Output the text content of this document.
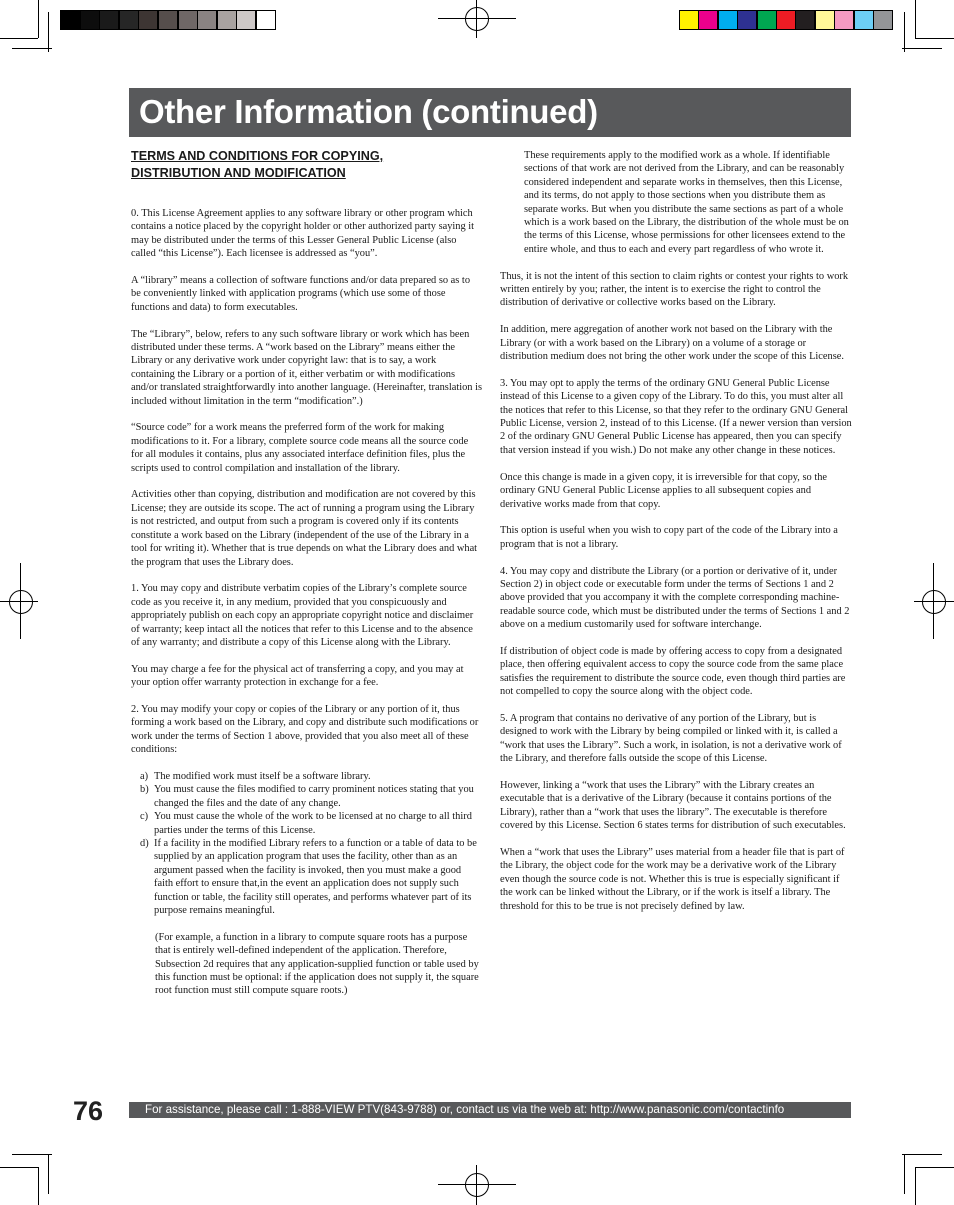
Other Information (continued)
TERMS AND CONDITIONS FOR COPYING,
DISTRIBUTION AND MODIFICATION

0. This License Agreement applies to any software library or other program which contains a notice placed by the copyright holder or other authorized party saying it may be distributed under the terms of this Lesser General Public License (also called “this License”). Each licensee is addressed as “you”.

A “library” means a collection of software functions and/or data prepared so as to be conveniently linked with application programs (which use some of those functions and data) to form executables.

The “Library”, below, refers to any such software library or work which has been distributed under these terms. A “work based on the Library” means either the Library or any derivative work under copyright law: that is to say, a work containing the Library or a portion of it, either verbatim or with modifications and/or translated straightforwardly into another language. (Hereinafter, translation is included without limitation in the term “modification”.)

“Source code” for a work means the preferred form of the work for making modifications to it. For a library, complete source code means all the source code for all modules it contains, plus any associated interface definition files, plus the scripts used to control compilation and installation of the library.

Activities other than copying, distribution and modification are not covered by this License; they are outside its scope. The act of running a program using the Library is not restricted, and output from such a program is covered only if its contents constitute a work based on the Library (independent of the use of the Library in a tool for writing it). Whether that is true depends on what the Library does and what the program that uses the Library does.

1. You may copy and distribute verbatim copies of the Library’s complete source code as you receive it, in any medium, provided that you conspicuously and appropriately publish on each copy an appropriate copyright notice and disclaimer of warranty; keep intact all the notices that refer to this License and to the absence of any warranty; and distribute a copy of this License along with the Library.

You may charge a fee for the physical act of transferring a copy, and you may at your option offer warranty protection in exchange for a fee.

2. You may modify your copy or copies of the Library or any portion of it, thus forming a work based on the Library, and copy and distribute such modifications or work under the terms of Section 1 above, provided that you also meet all of these conditions:

a) The modified work must itself be a software library.
b) You must cause the files modified to carry prominent notices stating that you changed the files and the date of any change.
c) You must cause the whole of the work to be licensed at no charge to all third parties under the terms of this License.
d) If a facility in the modified Library refers to a function or a table of data to be supplied by an application program that uses the facility, other than as an argument passed when the facility is invoked, then you must make a good faith effort to ensure that,in the event an application does not supply such function or table, the facility still operates, and performs whatever part of its purpose remains meaningful.

(For example, a function in a library to compute square roots has a purpose that is entirely well-defined independent of the application. Therefore, Subsection 2d requires that any application-supplied function or table used by this function must be optional: if the application does not supply it, the square root function must still compute square roots.)

These requirements apply to the modified work as a whole. If identifiable sections of that work are not derived from the Library, and can be reasonably considered independent and separate works in themselves, then this License, and its terms, do not apply to those sections when you distribute them as separate works. But when you distribute the same sections as part of a whole which is a work based on the Library, the distribution of the whole must be on the terms of this License, whose permissions for other licensees extend to the entire whole, and thus to each and every part regardless of who wrote it.

Thus, it is not the intent of this section to claim rights or contest your rights to work written entirely by you; rather, the intent is to exercise the right to control the distribution of derivative or collective works based on the Library.

In addition, mere aggregation of another work not based on the Library with the Library (or with a work based on the Library) on a volume of a storage or distribution medium does not bring the other work under the scope of this License.

3. You may opt to apply the terms of the ordinary GNU General Public License instead of this License to a given copy of the Library. To do this, you must alter all the notices that refer to this License, so that they refer to the ordinary GNU General Public License, version 2, instead of to this License. (If a newer version than version 2 of the ordinary GNU General Public License has appeared, then you can specify that version instead if you wish.) Do not make any other change in these notices.

Once this change is made in a given copy, it is irreversible for that copy, so the ordinary GNU General Public License applies to all subsequent copies and derivative works made from that copy.

This option is useful when you wish to copy part of the code of the Library into a program that is not a library.

4. You may copy and distribute the Library (or a portion or derivative of it, under Section 2) in object code or executable form under the terms of Sections 1 and 2 above provided that you accompany it with the complete corresponding machine-readable source code, which must be distributed under the terms of Sections 1 and 2 above on a medium customarily used for software interchange.

If distribution of object code is made by offering access to copy from a designated place, then offering equivalent access to copy the source code from the same place satisfies the requirement to distribute the source code, even though third parties are not compelled to copy the source along with the object code.

5. A program that contains no derivative of any portion of the Library, but is designed to work with the Library by being compiled or linked with it, is called a “work that uses the Library”. Such a work, in isolation, is not a derivative work of the Library, and therefore falls outside the scope of this License.

However, linking a “work that uses the Library” with the Library creates an executable that is a derivative of the Library (because it contains portions of the Library), rather than a “work that uses the library”. The executable is therefore covered by this License. Section 6 states terms for distribution of such executables.

When a “work that uses the Library” uses material from a header file that is part of the Library, the object code for the work may be a derivative work of the Library even though the source code is not. Whether this is true is especially significant if the work can be linked without the Library, or if the work is itself a library. The threshold for this to be true is not precisely defined by law.

76	For assistance, please call : 1-888-VIEW PTV(843-9788) or, contact us via the web at: http://www.panasonic.com/contactinfo
